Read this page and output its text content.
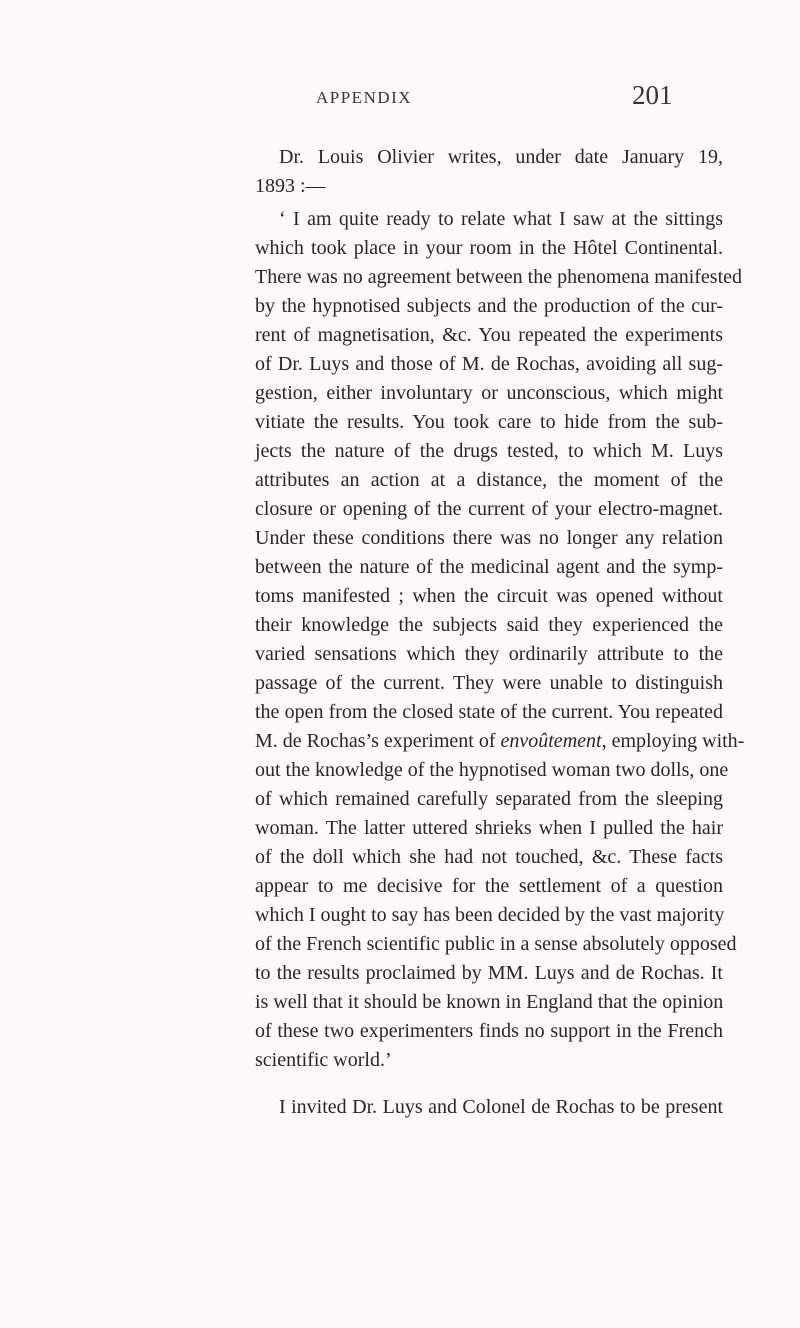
APPENDIX	201
Dr. Louis Olivier writes, under date January 19,
1893 :—
‘ I am quite ready to relate what I saw at the sittings
which took place in your room in the Hôtel Continental.
There was no agreement between the phenomena manifested
by the hypnotised subjects and the production of the cur-
rent of magnetisation, &c. You repeated the experiments
of Dr. Luys and those of M. de Rochas, avoiding all sug-
gestion, either involuntary or unconscious, which might
vitiate the results. You took care to hide from the sub-
jects the nature of the drugs tested, to which M. Luys
attributes an action at a distance, the moment of the
closure or opening of the current of your electro-magnet.
Under these conditions there was no longer any relation
between the nature of the medicinal agent and the symp-
toms manifested ; when the circuit was opened without
their knowledge the subjects said they experienced the
varied sensations which they ordinarily attribute to the
passage of the current. They were unable to distinguish
the open from the closed state of the current. You repeated
M. de Rochas’s experiment of envoûtement, employing with-
out the knowledge of the hypnotised woman two dolls, one
of which remained carefully separated from the sleeping
woman. The latter uttered shrieks when I pulled the hair
of the doll which she had not touched, &c. These facts
appear to me decisive for the settlement of a question
which I ought to say has been decided by the vast majority
of the French scientific public in a sense absolutely opposed
to the results proclaimed by MM. Luys and de Rochas. It
is well that it should be known in England that the opinion
of these two experimenters finds no support in the French
scientific world.’
I invited Dr. Luys and Colonel de Rochas to be present
